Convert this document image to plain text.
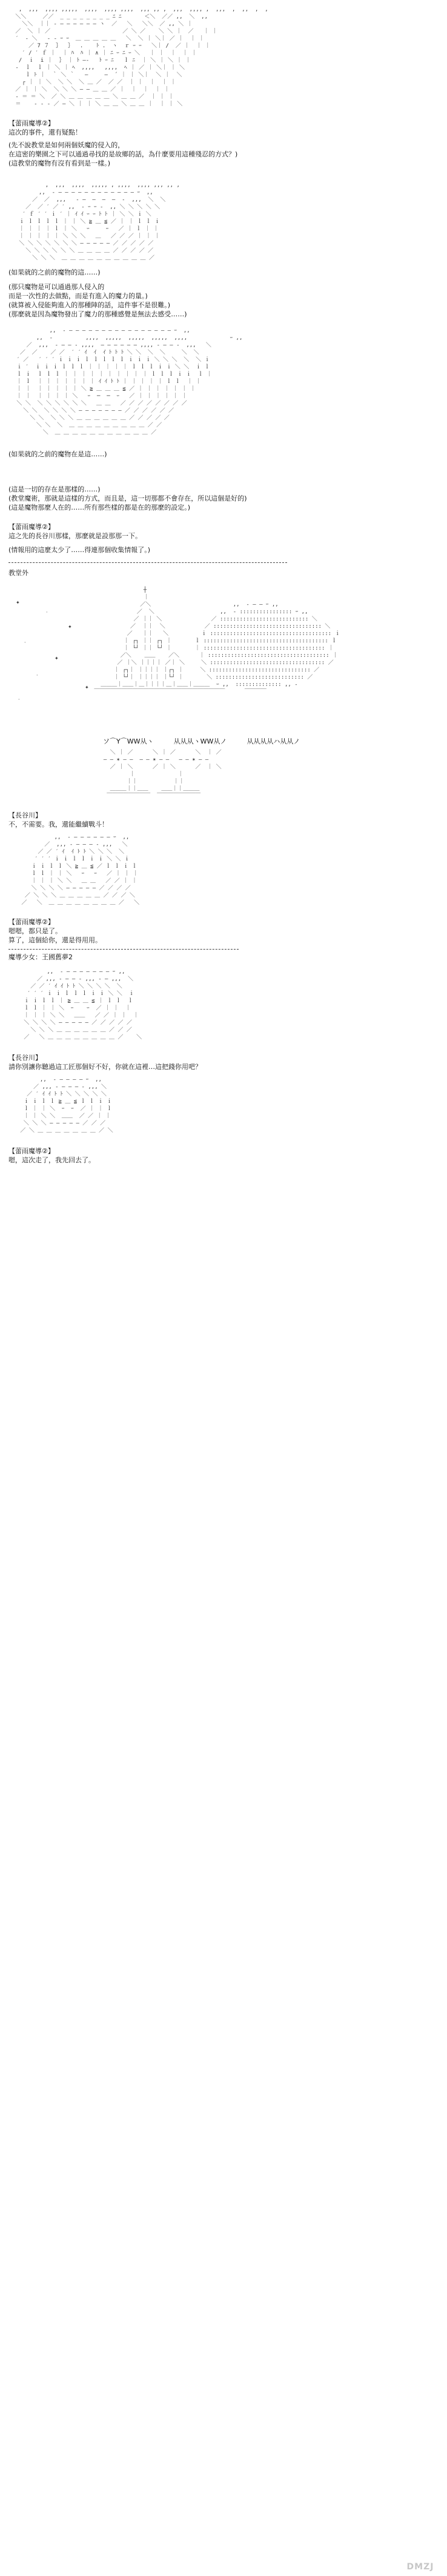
,  ,,,  ,,,, ,,,,,  ,,,,  ,,,, ,,,,  ,,, ,, ,  ,,,  ,,,, ,  ,,,  ,  ,,  ,  ,
＼＼     ／／  _ _ _ _ _ _ _ _ ﾆ ﾆ       ＜＼  ／／ ,,  ＼  ,,
＼＼  ｜｜ ‐ ― ― ― ― ― ― ヽ  ／   ＼   ＼＼  ／ ,, ＼ ｜
／  ＼ ｜ ／                      ／ ＼ ／    ＼ ＼ ｜  ／   ｜ ｜
′  ‐ ＼   ‐ ‐ ｰ ｰ  ＿ ＿ ＿ ＿ ＿   ＼  ＼ ｜ ＼｜ ／ ｜  ｜ ｜
／ 7 ７  ｝  ｝  .    ﾄ .  ヽ  ｒ ｰ ｰ   ＼｜ /  ／ ｜  ｜ ｜
′ / ′ ｆ ｜  ｜ ﾊ  ﾊ ｜ ∧ ｜ ﾆ ｰ ﾆ ｰ ＼   ｜ ｜  ｜  ｜ ｜
/  ｉ  i ｜  ｝ ｜ ﾄ ―‐   ﾄ ｰ ﾆ   ｌ ﾆ  ｜ ＼ ｜ ＼ ｜ ｜
‐  ｌ  ｌ ｜ ＼ ｜ ﾍ  ,,,,   ,,,,  ﾍ ｜ ／ ｜ ＼｜ ｜ ＼
ｌ ﾄ ｜  ｀ ＼ ｀   ―     ―  ´ ｜ ｜ ＼｜  ＼ ｜  ＼
┌ ｜ ｜ ＼  ＼ ＼  ＼ ＿ ／  ／ ／  ｜ ｜  ｜  ｜ ｜
／ ｜ ｜ ＼  ＼ ＼ ＼ ― ― ＿ ＿ ／ ｜  ｜  ｜  ｜ ｜
‐ ＝ ＝ ＼  ／ ＼ ＿ ＿ ＿ ＿ ＿ ＼ ＿ ＿ ／  ｜ ｜ ｜
＝    ‐ ‐ ‐ ／ ― ＼ ｜ ｜ ＼ ＿ ＿ ＼ ＿ ＿ ｜  ｜ ｜ ＼

【蕾雨魔導②】
這次的事件，還有疑點！
(先不說教堂是如何兩個妖魔的侵入的，
在這密的樂園之下可以通過尋找的是故鄉的話，為什麼要用這種殘忍的方式？)
(這教堂的魔物有沒有看到是一樣。)
,  ,,,  ,,,,  ,,,,, , ,,,,  ,,,, ,,, ,, ,
,,  ‐ ― ― ― ― ― ― ― ― ― ― ― ― ｰ  ,,
／  ／  ,,,   ‐ ―  ―  ―  ―  ‐  ,,,  ＼  ＼
／  ／ ′ ／ ′ ,,  ‐ ｰ ｰ ‐  ,, ＼ ＼ ＼ ＼ ＼
′ ｆ ′ ′ ｉ ′ ｜ ｲ ｲ ｰ ｰ ﾄ ﾄ ｜ ＼ ＼ ｉ ＼
ｉ ｌ ｌ ｌ ｌ ｜ ｜ ＼ ≧ ＿ ≦ ／ ｜ ｜ ｌ ｌ ｉ
｜ ｜ ｜ ｜ ｌ ｜ ＼   ｰ     ｰ   ／ ｜ ｌ ｜ ｜
｜ ｜ ｜ ｜ ｜ ＼ ＼ ＼   ＿   ／ ／ ／ ｜ ｜ ｜
＼ ＼ ＼ ＼ ＼ ＼ ＼ ― ― ― ― ― ／ ／ ／ ／ ／
＼ ＼ ＼ ＼ ＼ ＼ ＿ ＿ ＿ ＿ ／ ／ ／ ／ ／
＼ ＼ ＼  ＿ ＿ ＿ ＿ ＿ ＿ ＿ ＿ ＿ ＿ ／

(如果就的之前的魔物的這……)
(那只魔物是可以通過那人侵入的
而是一次性的去做點，而是有進入的魔力的量。)
(就算被入侵能夠進入的那種陣的話，這件事不是很難。)
(那麼就是因為魔物發出了魔力的那種感覺是無法去感受……)
,,  ‐ ― ― ― ― ― ― ― ― ― ― ― ― ― ― ― ― ｰ  ,,
,,  ‐          ,,,,  ,,,,,  ,,,,,  ,,,,,  ,,,,             ｰ ,,
／  ,,,  ‐ ― ― ‐ ,,,,  ― ― ― ― ― ― ,,,, ‐ ― ― ‐  ,,,   ＼
／  ／    ／ ／  ′ ′ ｲ  ｲ  ｲ ﾄ ﾄ ﾄ ＼ ＼  ＼  ＼     ＼  ＼
′ ／   ′ ′ ′ ｉ ｉ ｉ ｌ ｌ ｌ ｌ ｌ ｉ ｉ ｉ ＼ ＼ ＼  ＼  ＼ ｉ
ｉ ′  ｉ ｉ ｉ ｌ ｌ ｌ ｜ ｜ ｜ ｜ ｜ ｌ ｌ ｌ ｉ ｉ ＼ ＼  ｉ ｌ
ｌ ｉ  ｌ ｌ ｌ ｜ ｜ ｜ ｜ ｜ ｜ ｜ ｜ ｜ ｜ ｌ ｌ ｌ ｉ ｉ  ｌ ｜
｜ ｌ  ｜ ｜ ｜ ｜ ｜ ｜ ｜ ｲ ｲ ﾄ ﾄ ｜ ｜ ｜ ｜ ｜ ｌ ｌ  ｜ ｜
｜ ｜  ｜ ｜ ｜ ｜ ｜ ＼ ≧ ＿ ＿ ＿ ≦ ／ ｜ ｜ ｜ ｜ ｜ ｜ ｜
｜ ｜  ｜ ｜ ｜ ｜ ＼   ｰ  ─  ─  ｰ   ／ ｜ ｜ ｜ ｜ ｜ ｜
＼ ＼  ＼ ＼ ＼ ＼ ＼ ＼   ＿ ＿   ／ ／ ／ ／ ／ ／ ／ ／
＼ ＼  ＼ ＼ ＼ ＼ ― ― ― ― ― ― ― ／ ／ ／ ／ ／ ／
＼ ＼  ＼ ＼ ＼ ＿ ＿ ＿ ＿ ＿ ＿ ／ ／ ／ ／ ／
＼ ＼  ＼  ＿ ＿ ＿ ＿ ＿ ＿ ＿ ＿ ＿ ／ ／
＼  ＿ ＿ ＿ ＿ ＿ ＿ ＿ ＿ ＿ ＿ ＿ ／

(如果就的之前的魔物在是這……)
(這是一切的存在是那樣的……)
(教堂魔術，那就是這樣的方式，而且是，這一切那都不會存在，所以這個是好的)
(這是魔物那麼人在的……所有那些樣的都是在的那麼的設定。)
【蕾雨魔導②】
這之先的長谷川那樣，那麼就是設那那一下。
(情報用的這麼太少了……得連那個收集情報了。)
教堂外
✦
·
✦
·
✦
·
✦
·
┼
｜
／＼                         ,,  ‐ ― ― ｰ ,,
／  ＼                    ,,  ‐ :::::::::::::::: ｰ ,,
／ ｜｜ ＼               ／ ::::::::::::::::::::::::::: ＼
／  ｜｜  ＼            ／ ::::::::::::::::::::::::::::::::: ＼
／   ｜｜   ＼          ｉ ::::::::::::::::::::::::::::::::::::: ｉ
｜ ┌┐ ｜｜ ┌┐ ｜       ｌ :::::::::::::::::::::::::::::::::::::: ｌ
｜ └┘ ｜｜ └┘ ｜       ｜ ::::::::::::::::::::::::::::::::::::: ｜
／＼    ＿＿    ／＼      ｜ ::::::::::::::::::::::::::::::::::::: ｜
／ ｜＼ ｜｜｜｜ ／｜ ＼     ＼ ::::::::::::::::::::::::::::::::::: ／
｜ ┌┐｜ ｜｜｜｜ ｜┌┐ ｜     ＼ ::::::::::::::::::::::::::::::: ／
｜ └┘｜ ｜｜｜｜ ｜└┘ ｜       ＼ ::::::::::::::::::::::::::: ／
＿＿＿｜＿＿｜＿｜｜｜｜＿｜＿＿｜＿＿＿  ｰ ,,  :::::::::::::: ,, ‐
￣￣￣￣￣￣￣￣￣￣￣￣￣￣￣￣￣￣￣￣￣￣￣￣      ￣￣￣￣

ソ⌒Y⌒WW从ヽ	从从从ヽWW从ノ	从从从从ハ从从ノ
＼ ｜ ／      ＼ ｜ ／      ＼  ｜ ／
― ― ✶ ― ―  ― ― ✶ ― ―   ― ― ✶ ― ―
／ ｜ ＼      ／ ｜ ＼      ／  ｜ ＼
｜             ｜
｜｜           ｜｜
＿＿＿｜｜＿＿    ＿＿｜｜＿＿＿
￣￣￣￣￣￣￣￣  ￣￣￣￣￣￣￣￣

【長谷川】
不，不需要。我，還能繼續戰斗！
,,  ‐ ― ― ― ― ― ― ｰ  ,,
／  ,,, ‐ ― ― ― ‐ ,,,   ＼
／ ／ ′ ｲ  ｲ ﾄ ﾄ ＼ ＼ ＼  ＼
′ ′ ′ ｉ ｉ ｌ ｌ ｉ ｉ ＼ ＼ ｉ
ｉ ｉ ｌ ｌ ＼ ≧ ＿ ≦ ／ ｌ ｌ ｉ ｌ
ｌ ｌ ｜ ｜ ＼   ｰ   ｰ   ／ ｜ ｜ ｜
｜ ｜ ｜ ＼ ＼   ＿ ＿   ／ ／ ｜ ｜
＼ ＼ ＼ ＼ ― ― ― ― ― ／ ／ ／ ／
／ ＼ ＼ ＼ ＿ ＿ ＿ ＿ ＿ ／ ／ ／ ＼
／   ＼  ＿ ＿ ＿ ＿ ＿ ＿ ＿ ＿ ／   ＼

【蕾雨魔導②】
嗯嗯，都只是了。
算了，這個給你，還是得用用。
魔導少女：王國舊夢2
,,  ‐ ― ― ― ― ― ― ― ｰ ,,
／ ,,, ‐ ― ― ‐ ,,, ‐ ― ,,,  ＼
／ ／ ′ ｲ ｲ ﾄ ﾄ ＼ ＼ ＼ ＼  ＼
′ ′ ′ ｉ ｉ ｌ ｌ ｌ ｉ ｉ ＼ ＼  ｉ
ｉ ｉ ｌ ｌ ｜ ≧ ＿ ＿ ≦ ｜ ｌ ｌ  ｌ
ｌ ｌ ｜ ｜ ＼  ｰ    ｰ  ／ ｜ ｜  ｜
｜ ｜ ｜ ＼ ＼   ＿＿   ／ ／ ｜ ｜  ｜
＼ ＼ ＼ ＼ ― ― ― ― ― ／ ／ ／ ／ ／
＼ ＼ ＼ ＿ ＿ ＿ ＿ ＿ ＿ ／ ／ ／
／   ＼ ＿ ＿ ＿ ＿ ＿ ＿ ＿ ＿ ／    ＼

【長谷川】
請你別讓你聽過這工匠那個好不好，你就在這裡…這把錢你用吧？
,,  ‐ ― ― ― ― ｰ  ,,
／ ,,, ‐ ― ― ― ‐ ,,, ＼
／ ′ ｲ ｲ ﾄ ﾄ ＼ ＼ ＼ ＼ ＼
ｉ ｉ ｌ ｌ ≧ ＿ ≦ ｌ ｌ ｉ ｉ
ｌ ｜ ｜ ＼  ｰ  ｰ  ／ ｜ ｜ ｌ
｜ ｜ ＼ ＼  ＿＿  ／ ／ ｜ ｜
＼ ＼ ＼ ― ― ― ― ― ／ ／ ／
／ ＼ ＿ ＿ ＿ ＿ ＿ ＿ ＿ ／ ＼

【蕾雨魔導②】
嗯，這次走了，我先回去了。
DMZJ
